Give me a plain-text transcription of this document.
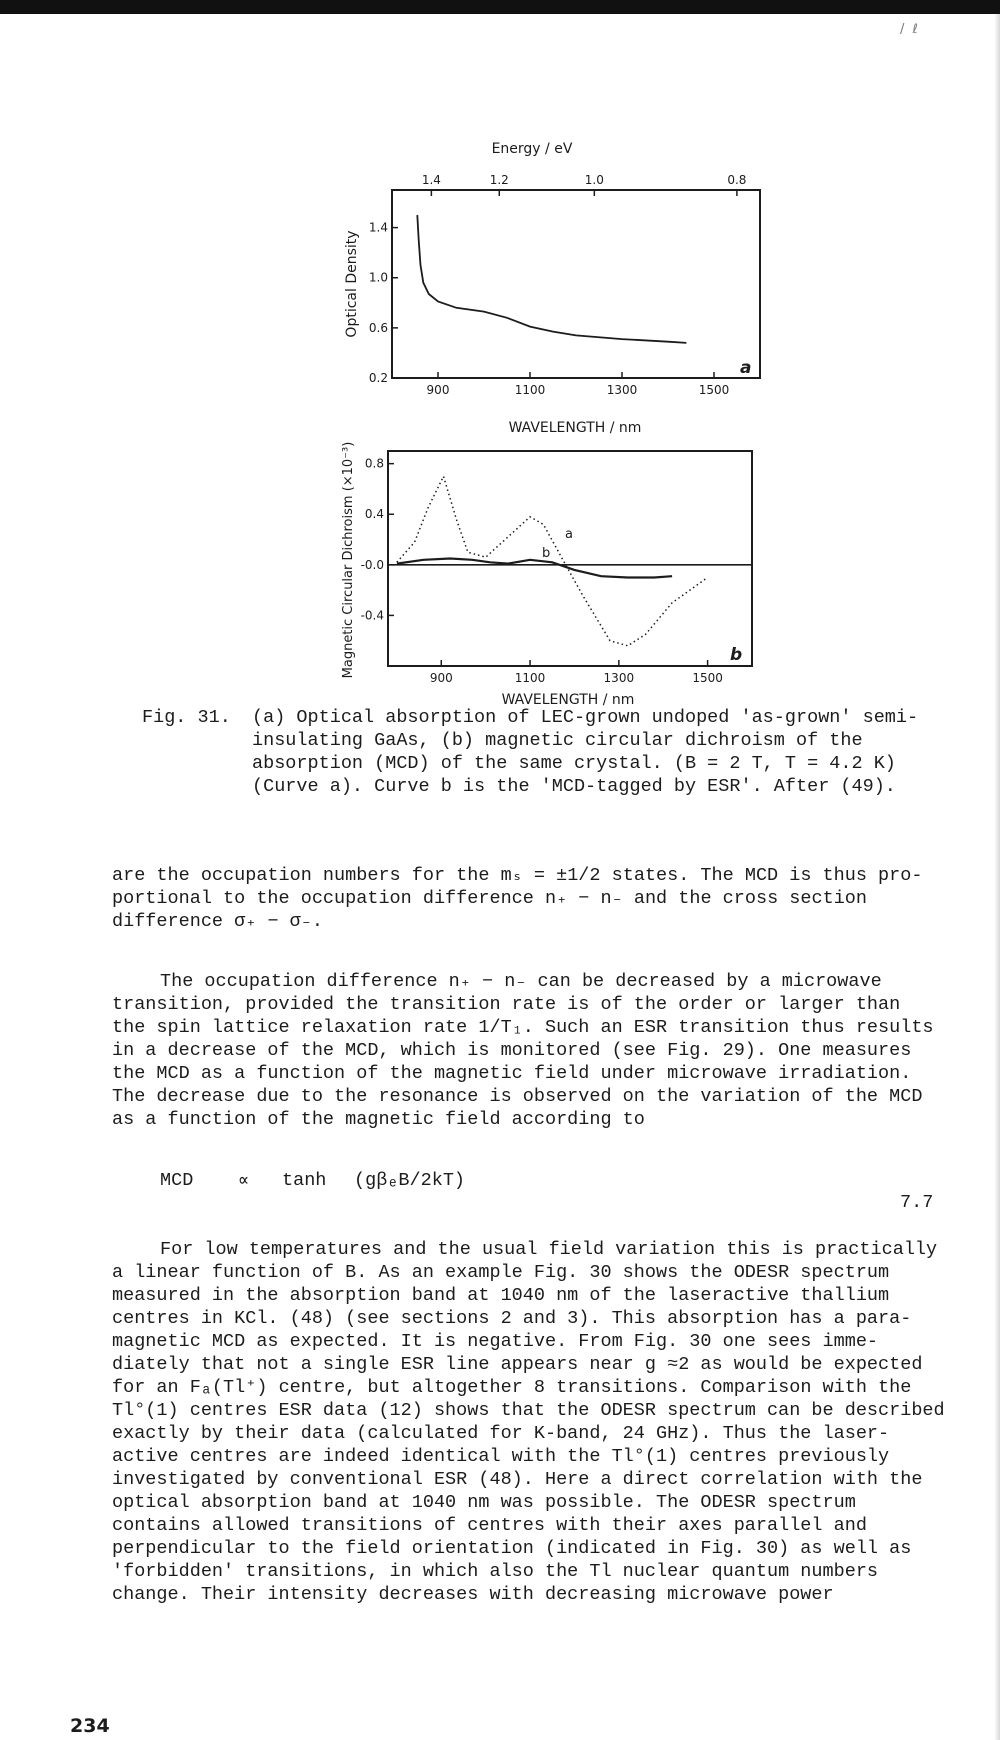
/ ℓ
Energy / eV
1.4	1.2	1.0	0.8
900	1100	1300	1500
0.2
0.6
1.0
1.4
WAVELENGTH / nm
Optical Density
a
900	1100	1300	1500
-0.4
-0.0
0.4
0.8
WAVELENGTH / nm
Magnetic Circular Dichroism (×10⁻³)	a
b
b
Fig. 31. (a) Optical absorption of LEC-grown undoped 'as-grown' semi-
insulating GaAs, (b) magnetic circular dichroism of the
absorption (MCD) of the same crystal. (B = 2 T, T = 4.2 K)
(Curve a). Curve b is the 'MCD-tagged by ESR'. After (49).

are the occupation numbers for the mₛ = ±1/2 states. The MCD is thus pro-

portional to the occupation difference n₊ − n₋ and the cross section

difference σ₊ − σ₋.

The occupation difference n₊ − n₋ can be decreased by a microwave

transition, provided the transition rate is of the order or larger than

the spin lattice relaxation rate 1/T₁. Such an ESR transition thus results

in a decrease of the MCD, which is monitored (see Fig. 29). One measures

the MCD as a function of the magnetic field under microwave irradiation.

The decrease due to the resonance is observed on the variation of the MCD

as a function of the magnetic field according to

MCD ∝ tanh (gβₑB/2kT)
7.7

For low temperatures and the usual field variation this is practically

a linear function of B. As an example Fig. 30 shows the ODESR spectrum

measured in the absorption band at 1040 nm of the laseractive thallium

centres in KCl. (48) (see sections 2 and 3). This absorption has a para-

magnetic MCD as expected. It is negative. From Fig. 30 one sees imme-

diately that not a single ESR line appears near g ≈2 as would be expected

for an Fₐ(Tl⁺) centre, but altogether 8 transitions. Comparison with the

Tl°(1) centres ESR data (12) shows that the ODESR spectrum can be described

exactly by their data (calculated for K-band, 24 GHz). Thus the laser-

active centres are indeed identical with the Tl°(1) centres previously

investigated by conventional ESR (48). Here a direct correlation with the

optical absorption band at 1040 nm was possible. The ODESR spectrum

contains allowed transitions of centres with their axes parallel and

perpendicular to the field orientation (indicated in Fig. 30) as well as

'forbidden' transitions, in which also the Tl nuclear quantum numbers

change. Their intensity decreases with decreasing microwave power

234
